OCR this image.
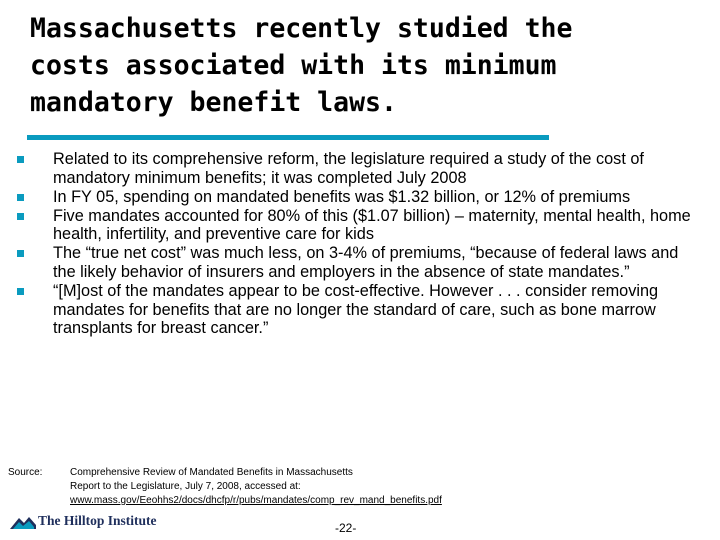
Massachusetts recently studied the
costs associated with its minimum
mandatory benefit laws.
Related to its comprehensive reform, the legislature required a study of the cost of mandatory minimum benefits; it was completed July 2008
In FY 05, spending on mandated benefits was $1.32 billion, or 12% of premiums
Five mandates accounted for 80% of this ($1.07 billion) – maternity, mental health, home health, infertility, and preventive care for kids
The “true net cost” was much less, on 3-4% of premiums, “because of federal laws and the likely behavior of insurers and employers in the absence of state mandates.”
“[M]ost of the mandates appear to be cost-effective. However . . . consider removing mandates for benefits that are no longer the standard of care, such as bone marrow transplants for breast cancer.”
Source:	Comprehensive Review of Mandated Benefits in Massachusetts
Report to the Legislature, July 7, 2008, accessed at:
www.mass.gov/Eeohhs2/docs/dhcfp/r/pubs/mandates/comp_rev_mand_benefits.pdf
The Hilltop Institute	-22-
